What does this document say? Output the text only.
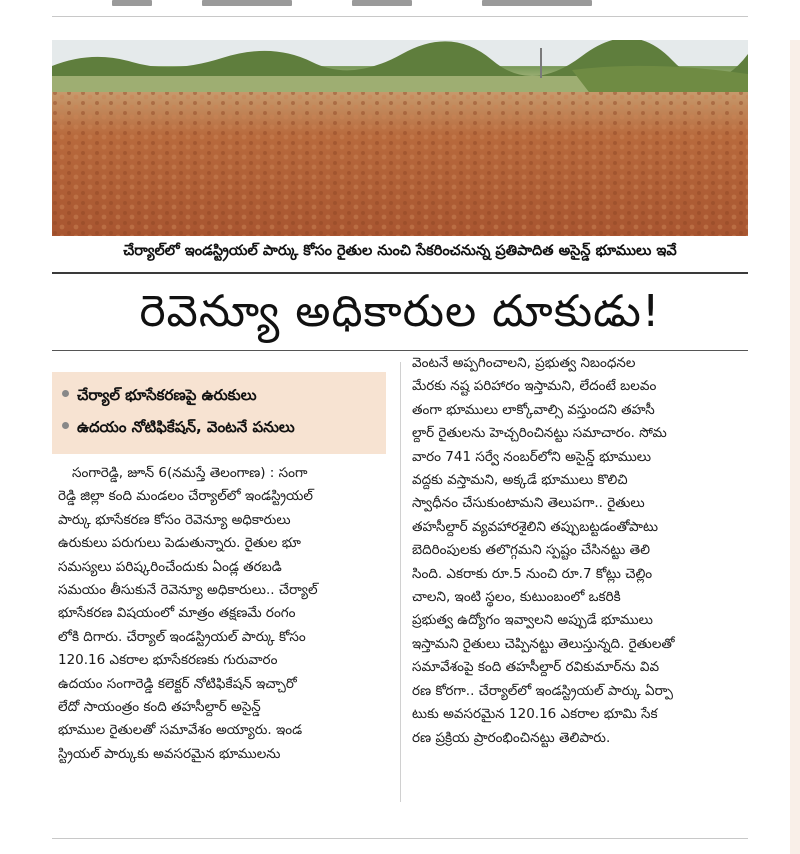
చేర్యాల్‌లో ఇండస్ట్రియల్‌ పార్కు కోసం రైతుల నుంచి సేకరించనున్న ప్రతిపాదిత అసైన్డ్‌ భూములు ఇవే
రెవెన్యూ అధికారుల దూకుడు!
చేర్యాల్‌ భూసేకరణపై ఉరుకులు
ఉదయం నోటిఫికేషన్‌, వెంటనే పనులు
సంగారెడ్డి, జూన్‌ 6(నమస్తే తెలంగాణ) : సంగా
రెడ్డి జిల్లా కంది మండలం చేర్యాల్‌లో ఇండస్ట్రియల్‌
పార్కు భూసేకరణ కోసం రెవెన్యూ అధికారులు
ఉరుకులు పరుగులు పెడుతున్నారు. రైతుల భూ
సమస్యలు పరిష్కరించేందుకు ఏండ్ల తరబడి
సమయం తీసుకునే రెవెన్యూ అధికారులు.. చేర్యాల్‌
భూసేకరణ విషయంలో మాత్రం తక్షణమే రంగం
లోకి దిగారు. చేర్యాల్‌ ఇండస్ట్రియల్‌ పార్కు కోసం
120.16 ఎకరాల భూసేకరణకు గురువారం
ఉదయం సంగారెడ్డి కలెక్టర్‌ నోటిఫికేషన్‌ ఇచ్చారో
లేదో సాయంత్రం కంది తహసీల్దార్‌ అసైన్డ్‌
భూముల రైతులతో సమావేశం అయ్యారు. ఇండ
స్ట్రియల్‌ పార్కుకు అవసరమైన భూములను
వెంటనే అప్పగించాలని, ప్రభుత్వ నిబంధనల
మేరకు నష్ట పరిహారం ఇస్తామని, లేదంటే బలవం
తంగా భూములు లాక్కోవాల్సి వస్తుందని తహసీ
ల్దార్‌ రైతులను హెచ్చరించినట్టు సమాచారం. సోమ
వారం 741 సర్వే నంబర్‌లోని అసైన్డ్‌ భూములు
వద్దకు వస్తామని, అక్కడే భూములు కొలిచి
స్వాధీనం చేసుకుంటామని తెలుపగా.. రైతులు
తహసీల్దార్‌ వ్యవహారశైలిని తప్పుబట్టడంతోపాటు
బెదిరింపులకు తలొగ్గమని స్పష్టం చేసినట్టు తెలి
సింది. ఎకరాకు రూ.5 నుంచి రూ.7 కోట్లు చెల్లిం
చాలని, ఇంటి స్థలం, కుటుంబంలో ఒకరికి
ప్రభుత్వ ఉద్యోగం ఇవ్వాలని అప్పుడే భూములు
ఇస్తామని రైతులు చెప్పినట్టు తెలుస్తున్నది. రైతులతో
సమావేశంపై కంది తహసీల్దార్‌ రవికుమార్‌ను వివ
రణ కోరగా.. చేర్యాల్‌లో ఇండస్ట్రియల్‌ పార్కు ఏర్పా
టుకు అవసరమైన 120.16 ఎకరాల భూమి సేక
రణ ప్రక్రియ ప్రారంభించినట్టు తెలిపారు.
